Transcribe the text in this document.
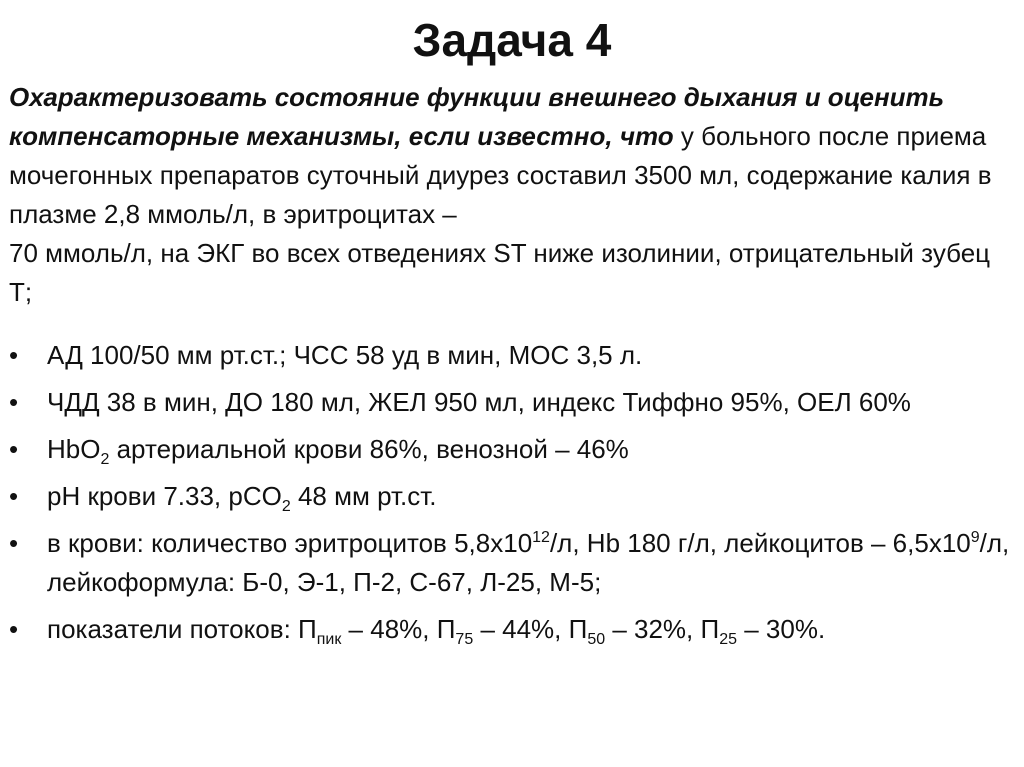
Задача 4
Охарактеризовать состояние функции внешнего дыхания и оценить компенсаторные механизмы, если известно, что у больного после приема мочегонных препаратов суточный диурез составил 3500 мл, содержание калия в плазме 2,8 ммоль/л, в эритроцитах –
70 ммоль/л, на ЭКГ во всех отведениях ST ниже изолинии, отрицательный зубец Т;
•	АД 100/50 мм рт.ст.; ЧСС 58 уд в мин, МОС 3,5 л.
•	ЧДД 38 в мин, ДО 180 мл, ЖЕЛ 950 мл, индекс Тиффно 95%, ОЕЛ 60%
•	HbO$_2$ артериальной крови 86%, венозной – 46%
•	рН крови 7.33, рCO$_2$ 48 мм рт.ст.
•	в крови: количество эритроцитов $5,8х10^{12}/л$, Hb 180 г/л, лейкоцитов – $6,5х10^9/л$, лейкоформула: Б-0, Э-1, П-2, С-67, Л-25, М-5;
•	показатели потоков: $П_{пик} - 48\%$, $П_{75} - 44\%$, $П_{50} - 32\%$, $П_{25} - 30\%$.
